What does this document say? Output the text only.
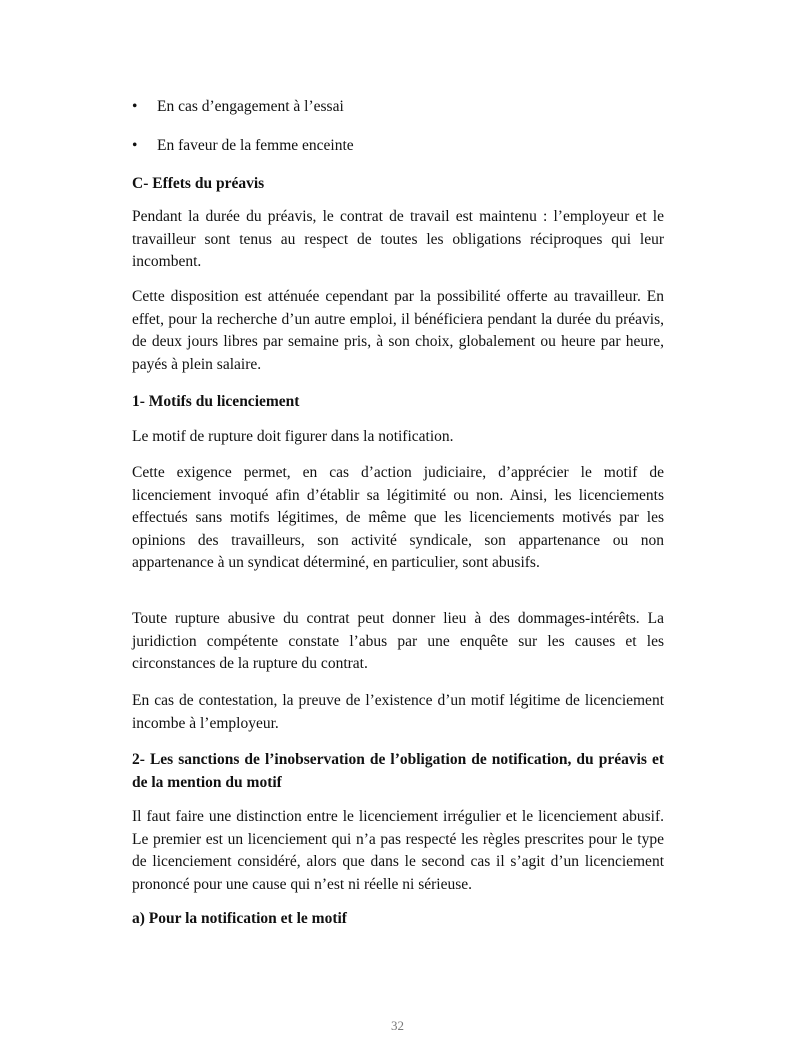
• En cas d’engagement à l’essai
• En faveur de la femme enceinte
C- Effets du préavis

Pendant la durée du préavis, le contrat de travail est maintenu : l’employeur et le travailleur sont tenus au respect de toutes les obligations réciproques qui leur incombent.

Cette disposition est atténuée cependant par la possibilité offerte au travailleur. En effet, pour la recherche d’un autre emploi, il bénéficiera pendant la durée du préavis, de deux jours libres par semaine pris, à son choix, globalement ou heure par heure, payés à plein salaire.

1- Motifs du licenciement

Le motif de rupture doit figurer dans la notification.

Cette exigence permet, en cas d’action judiciaire, d’apprécier le motif de licenciement invoqué afin d’établir sa légitimité ou non. Ainsi, les licenciements effectués sans motifs légitimes, de même que les licenciements motivés par les opinions des travailleurs, son activité syndicale, son appartenance ou non appartenance à un syndicat déterminé, en particulier, sont abusifs.

Toute rupture abusive du contrat peut donner lieu à des dommages-intérêts. La juridiction compétente constate l’abus par une enquête sur les causes et les circonstances de la rupture du contrat.

En cas de contestation, la preuve de l’existence d’un motif légitime de licenciement incombe à l’employeur.

2- Les sanctions de l’inobservation de l’obligation de notification, du préavis et de la mention du motif

Il faut faire une distinction entre le licenciement irrégulier et le licenciement abusif. Le premier est un licenciement qui n’a pas respecté les règles prescrites pour le type de licenciement considéré, alors que dans le second cas il s’agit d’un licenciement prononcé pour une cause qui n’est ni réelle ni sérieuse.

a) Pour la notification et le motif
32
